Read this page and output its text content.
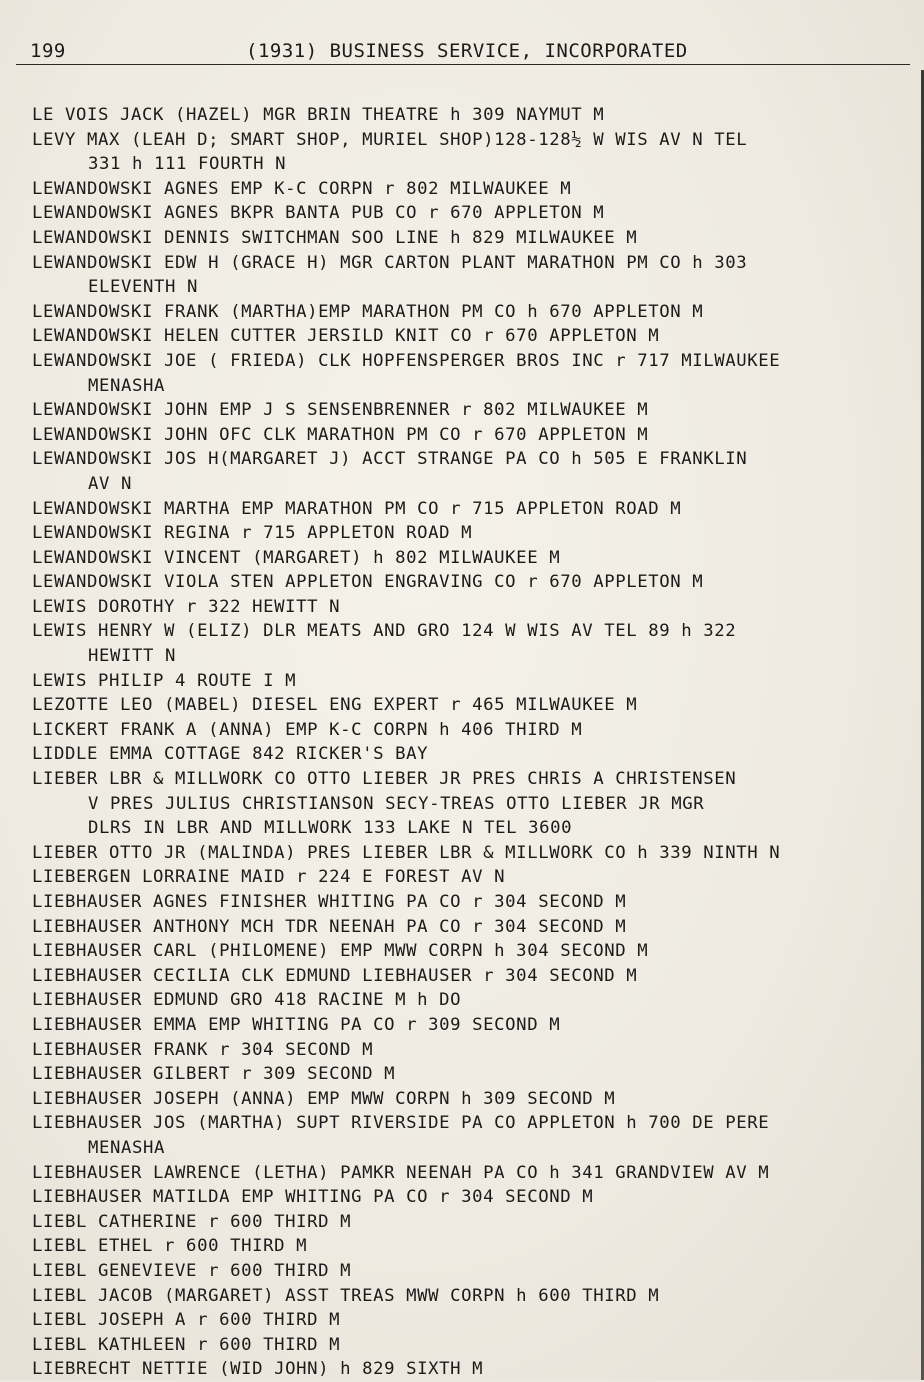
199	(1931) BUSINESS SERVICE, INCORPORATED
LE VOIS JACK (HAZEL) MGR BRIN THEATRE h 309 NAYMUT M
LEVY MAX (LEAH D; SMART SHOP, MURIEL SHOP)128-128½ W WIS AV N TEL
331 h 111 FOURTH N
LEWANDOWSKI AGNES EMP K-C CORPN r 802 MILWAUKEE M
LEWANDOWSKI AGNES BKPR BANTA PUB CO r 670 APPLETON M
LEWANDOWSKI DENNIS SWITCHMAN SOO LINE h 829 MILWAUKEE M
LEWANDOWSKI EDW H (GRACE H) MGR CARTON PLANT MARATHON PM CO h 303
ELEVENTH N
LEWANDOWSKI FRANK (MARTHA)EMP MARATHON PM CO h 670 APPLETON M
LEWANDOWSKI HELEN CUTTER JERSILD KNIT CO r 670 APPLETON M
LEWANDOWSKI JOE ( FRIEDA) CLK HOPFENSPERGER BROS INC r 717 MILWAUKEE
MENASHA
LEWANDOWSKI JOHN EMP J S SENSENBRENNER r 802 MILWAUKEE M
LEWANDOWSKI JOHN OFC CLK MARATHON PM CO r 670 APPLETON M
LEWANDOWSKI JOS H(MARGARET J) ACCT STRANGE PA CO h 505 E FRANKLIN
AV N
LEWANDOWSKI MARTHA EMP MARATHON PM CO r 715 APPLETON ROAD M
LEWANDOWSKI REGINA r 715 APPLETON ROAD M
LEWANDOWSKI VINCENT (MARGARET) h 802 MILWAUKEE M
LEWANDOWSKI VIOLA STEN APPLETON ENGRAVING CO r 670 APPLETON M
LEWIS DOROTHY r 322 HEWITT N
LEWIS HENRY W (ELIZ) DLR MEATS AND GRO 124 W WIS AV TEL 89 h 322
HEWITT N
LEWIS PHILIP 4 ROUTE I M
LEZOTTE LEO (MABEL) DIESEL ENG EXPERT r 465 MILWAUKEE M
LICKERT FRANK A (ANNA) EMP K-C CORPN h 406 THIRD M
LIDDLE EMMA COTTAGE 842 RICKER'S BAY
LIEBER LBR & MILLWORK CO OTTO LIEBER JR PRES CHRIS A CHRISTENSEN
V PRES JULIUS CHRISTIANSON SECY-TREAS OTTO LIEBER JR MGR
DLRS IN LBR AND MILLWORK 133 LAKE N TEL 3600
LIEBER OTTO JR (MALINDA) PRES LIEBER LBR & MILLWORK CO h 339 NINTH N
LIEBERGEN LORRAINE MAID r 224 E FOREST AV N
LIEBHAUSER AGNES FINISHER WHITING PA CO r 304 SECOND M
LIEBHAUSER ANTHONY MCH TDR NEENAH PA CO r 304 SECOND M
LIEBHAUSER CARL (PHILOMENE) EMP MWW CORPN h 304 SECOND M
LIEBHAUSER CECILIA CLK EDMUND LIEBHAUSER r 304 SECOND M
LIEBHAUSER EDMUND GRO 418 RACINE M h DO
LIEBHAUSER EMMA EMP WHITING PA CO r 309 SECOND M
LIEBHAUSER FRANK r 304 SECOND M
LIEBHAUSER GILBERT r 309 SECOND M
LIEBHAUSER JOSEPH (ANNA) EMP MWW CORPN h 309 SECOND M
LIEBHAUSER JOS (MARTHA) SUPT RIVERSIDE PA CO APPLETON h 700 DE PERE
MENASHA
LIEBHAUSER LAWRENCE (LETHA) PAMKR NEENAH PA CO h 341 GRANDVIEW AV M
LIEBHAUSER MATILDA EMP WHITING PA CO r 304 SECOND M
LIEBL CATHERINE r 600 THIRD M
LIEBL ETHEL r 600 THIRD M
LIEBL GENEVIEVE r 600 THIRD M
LIEBL JACOB (MARGARET) ASST TREAS MWW CORPN h 600 THIRD M
LIEBL JOSEPH A r 600 THIRD M
LIEBL KATHLEEN r 600 THIRD M
LIEBRECHT NETTIE (WID JOHN) h 829 SIXTH M
